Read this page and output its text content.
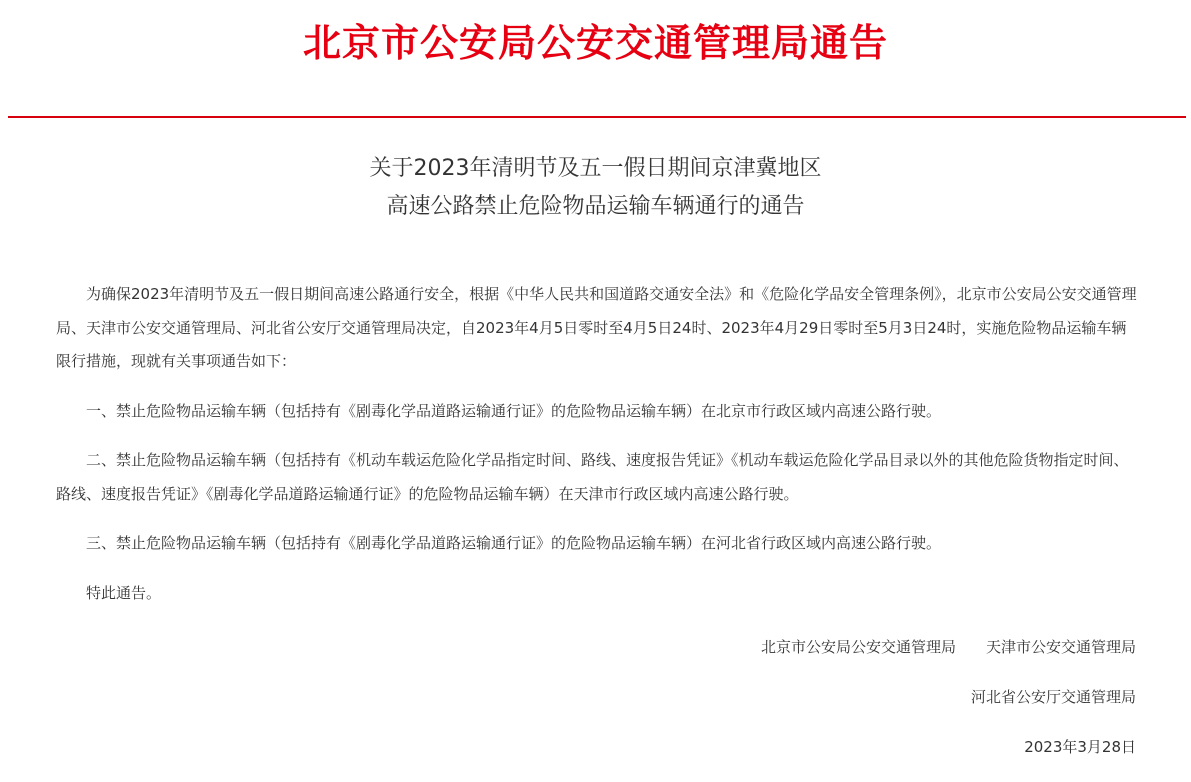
北京市公安局公安交通管理局通告
关于2023年清明节及五一假日期间京津冀地区
高速公路禁止危险物品运输车辆通行的通告

为确保2023年清明节及五一假日期间高速公路通行安全，根据《中华人民共和国道路交通安全法》和《危险化学品安全管理条例》，北京市公安局公安交通管理局、天津市公安交通管理局、河北省公安厅交通管理局决定，自2023年4月5日零时至4月5日24时、2023年4月29日零时至5月3日24时，实施危险物品运输车辆限行措施，现就有关事项通告如下：

一、禁止危险物品运输车辆（包括持有《剧毒化学品道路运输通行证》的危险物品运输车辆）在北京市行政区域内高速公路行驶。

二、禁止危险物品运输车辆（包括持有《机动车载运危险化学品指定时间、路线、速度报告凭证》《机动车载运危险化学品目录以外的其他危险货物指定时间、路线、速度报告凭证》《剧毒化学品道路运输通行证》的危险物品运输车辆）在天津市行政区域内高速公路行驶。

三、禁止危险物品运输车辆（包括持有《剧毒化学品道路运输通行证》的危险物品运输车辆）在河北省行政区域内高速公路行驶。

特此通告。

北京市公安局公安交通管理局 天津市公安交通管理局
河北省公安厅交通管理局
2023年3月28日
